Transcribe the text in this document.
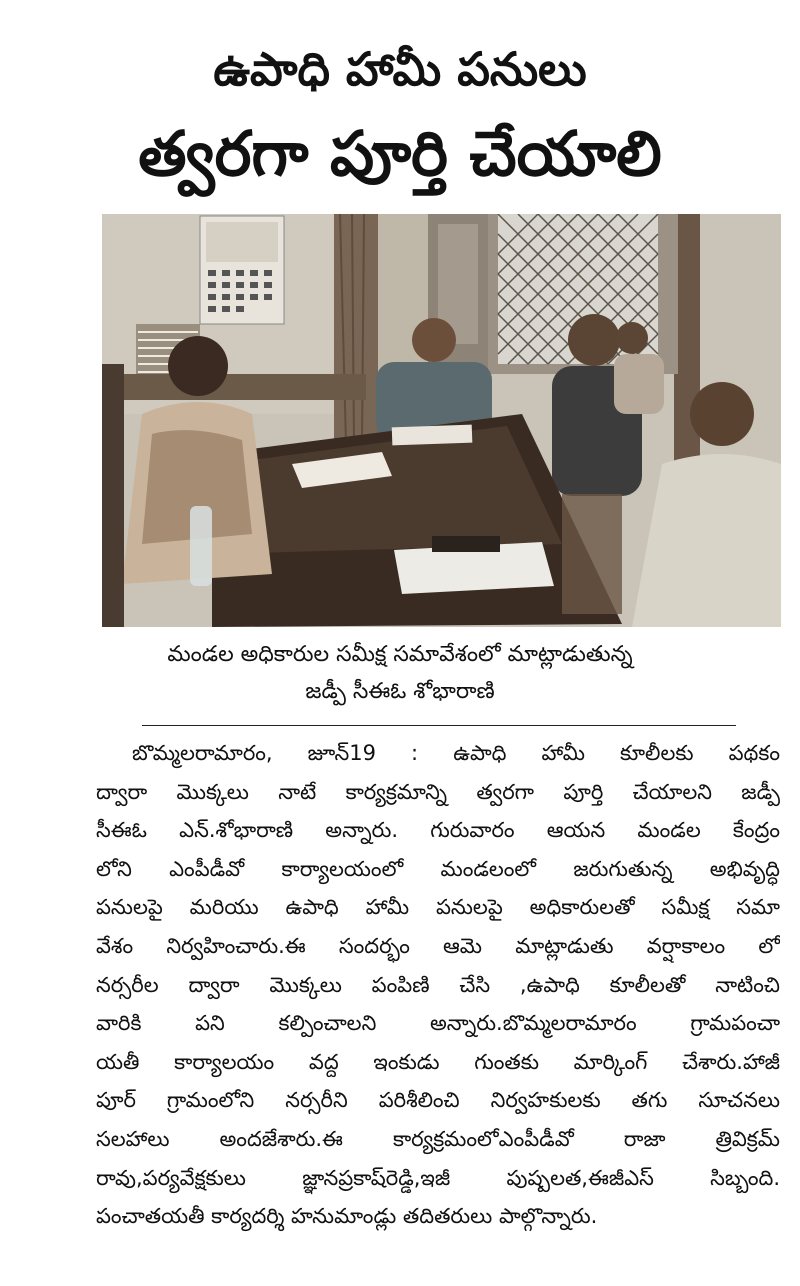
ఉపాధి హామీ పనులు
త్వరగా పూర్తి చేయాలి
మండల అధికారుల సమీక్ష సమావేశంలో మాట్లాడుతున్న
జడ్పీ సీఈఓ శోభారాణి
బొమ్మలరామారం, జూన్19 : ఉపాధి హామీ కూలీలకు పథకం
ద్వారా మొక్కలు నాటే కార్యక్రమాన్ని త్వరగా పూర్తి చేయాలని జడ్పీ
సీఈఓ ఎన్.శోభారాణి అన్నారు. గురువారం ఆయన మండల కేంద్రం
లోని ఎంపీడీవో కార్యాలయంలో మండలంలో జరుగుతున్న అభివృద్ధి
పనులపై మరియు ఉపాధి హామీ పనులపై అధికారులతో సమీక్ష సమా
వేశం నిర్వహించారు.ఈ సందర్భం ఆమె మాట్లాడుతు వర్షాకాలం లో
నర్సరీల ద్వారా మొక్కలు పంపిణి చేసి ,ఉపాధి కూలీలతో నాటించి
వారికి పని కల్పించాలని అన్నారు.బొమ్మలరామారం గ్రామపంచా
యతీ కార్యాలయం వద్ద ఇంకుడు గుంతకు మార్కింగ్ చేశారు.హాజీ
పూర్ గ్రామంలోని నర్సరీని పరిశీలించి నిర్వహకులకు తగు సూచనలు
సలహాలు అందజేశారు.ఈ కార్యక్రమంలోఎంపీడీవో రాజా త్రివిక్రమ్
రావు,పర్యవేక్షకులు జ్ఞానప్రకాష్‌రెడ్డి,ఇజీ పుష్పలత,ఈజీఎస్ సిబ్బంది.
పంచాతయతీ కార్యదర్శి హనుమాండ్లు తదితరులు పాల్గొన్నారు.
